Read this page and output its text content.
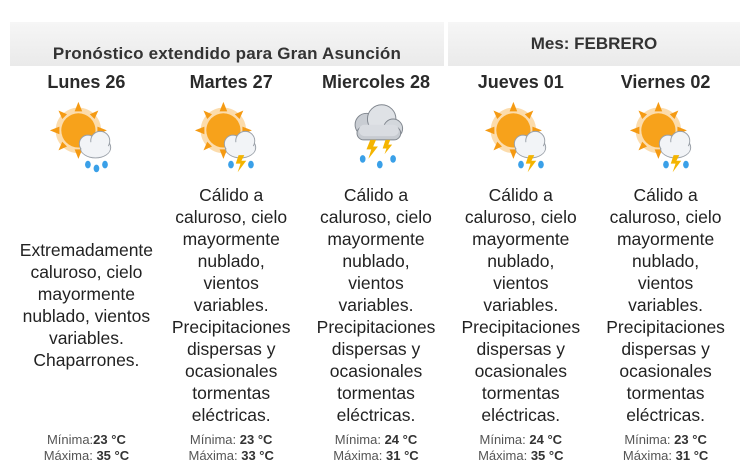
Pronóstico extendido para Gran Asunción
Mes: FEBRERO
Lunes 26
Extremadamente
caluroso, cielo
mayormente
nublado, vientos
variables.
Chaparrones.
Mínima:23 °C
Máxima: 35 °C
Martes 27
Cálido a
caluroso, cielo
mayormente
nublado,
vientos
variables.
Precipitaciones
dispersas y
ocasionales
tormentas
eléctricas.
Mínima: 23 °C
Máxima: 33 °C
Miercoles 28
Cálido a
caluroso, cielo
mayormente
nublado,
vientos
variables.
Precipitaciones
dispersas y
ocasionales
tormentas
eléctricas.
Mínima: 24 °C
Máxima: 31 °C
Jueves 01
Cálido a
caluroso, cielo
mayormente
nublado,
vientos
variables.
Precipitaciones
dispersas y
ocasionales
tormentas
eléctricas.
Mínima: 24 °C
Máxima: 35 °C
Viernes 02
Cálido a
caluroso, cielo
mayormente
nublado,
vientos
variables.
Precipitaciones
dispersas y
ocasionales
tormentas
eléctricas.
Mínima: 23 °C
Máxima: 31 °C
